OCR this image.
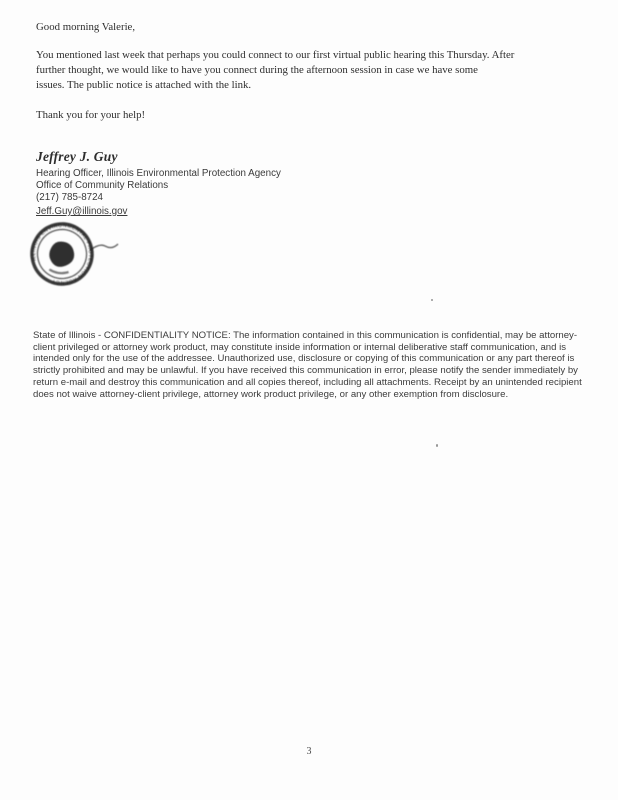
Good morning Valerie,
You mentioned last week that perhaps you could connect to our first virtual public hearing this Thursday. After
further thought, we would like to have you connect during the afternoon session in case we have some
issues. The public notice is attached with the link.
Thank you for your help!
Jeffrey J. Guy
Hearing Officer, Illinois Environmental Protection Agency
Office of Community Relations
(217) 785-8724
Jeff.Guy@illinois.gov
ILLINOIS ENVIRONMENTAL PROTECTION AGENCY
State of Illinois - CONFIDENTIALITY NOTICE: The information contained in this communication is confidential, may be attorney-client privileged or attorney work product, may constitute inside information or internal deliberative staff communication, and is intended only for the use of the addressee. Unauthorized use, disclosure or copying of this communication or any part thereof is strictly prohibited and may be unlawful. If you have received this communication in error, please notify the sender immediately by return e-mail and destroy this communication and all copies thereof, including all attachments. Receipt by an unintended recipient does not waive attorney-client privilege, attorney work product privilege, or any other exemption from disclosure.
3
